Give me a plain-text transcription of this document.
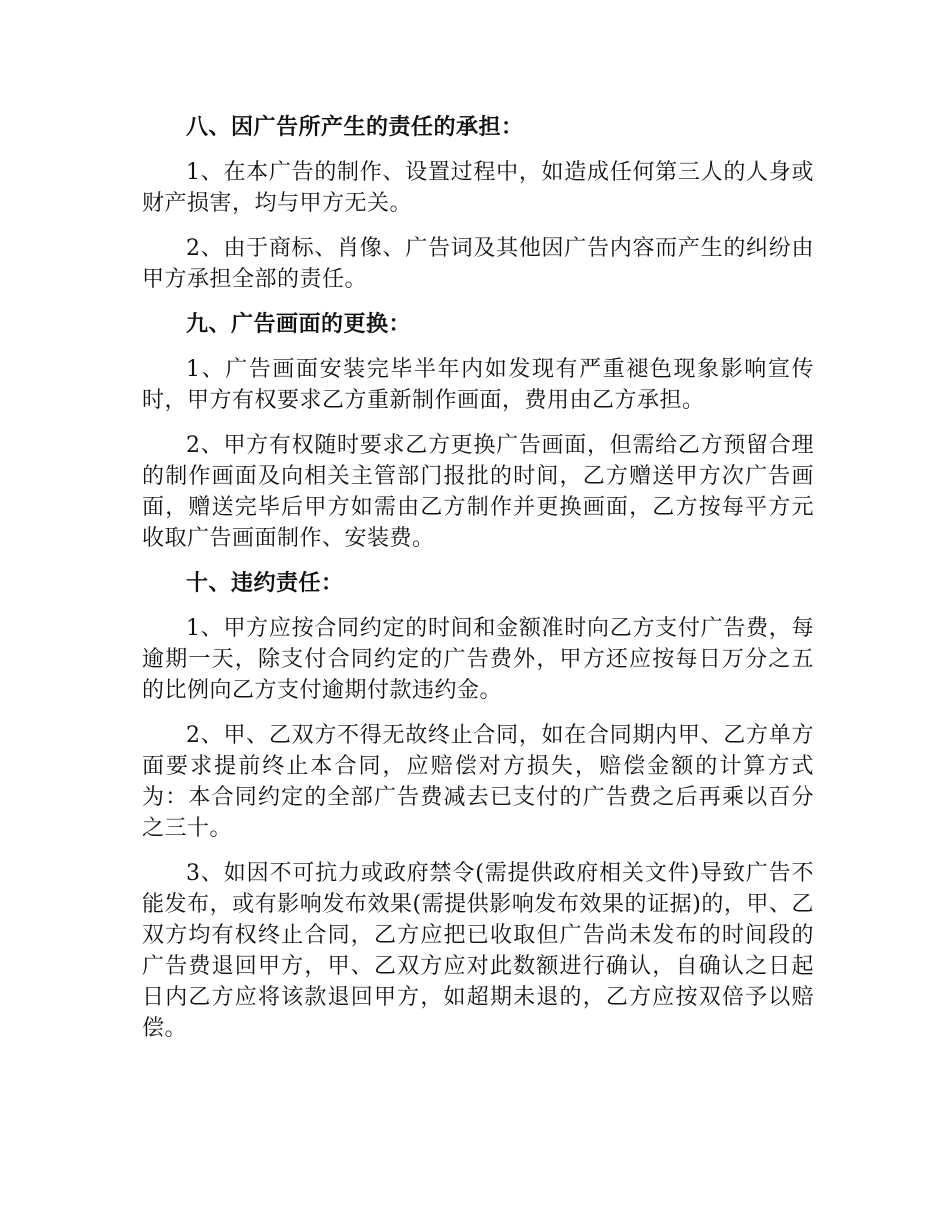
八、因广告所产生的责任的承担：

1、在本广告的制作、设置过程中，如造成任何第三人的人身或财产损害，均与甲方无关。

2、由于商标、肖像、广告词及其他因广告内容而产生的纠纷由甲方承担全部的责任。

九、广告画面的更换：

1、广告画面安装完毕半年内如发现有严重褪色现象影响宣传时，甲方有权要求乙方重新制作画面，费用由乙方承担。

2、甲方有权随时要求乙方更换广告画面，但需给乙方预留合理的制作画面及向相关主管部门报批的时间，乙方赠送甲方次广告画面，赠送完毕后甲方如需由乙方制作并更换画面，乙方按每平方元收取广告画面制作、安装费。

十、违约责任：

1、甲方应按合同约定的时间和金额准时向乙方支付广告费，每逾期一天，除支付合同约定的广告费外，甲方还应按每日万分之五的比例向乙方支付逾期付款违约金。

2、甲、乙双方不得无故终止合同，如在合同期内甲、乙方单方面要求提前终止本合同，应赔偿对方损失，赔偿金额的计算方式为：本合同约定的全部广告费减去已支付的广告费之后再乘以百分之三十。

3、如因不可抗力或政府禁令(需提供政府相关文件)导致广告不能发布，或有影响发布效果(需提供影响发布效果的证据)的，甲、乙双方均有权终止合同，乙方应把已收取但广告尚未发布的时间段的广告费退回甲方，甲、乙双方应对此数额进行确认，自确认之日起日内乙方应将该款退回甲方，如超期未退的，乙方应按双倍予以赔偿。
